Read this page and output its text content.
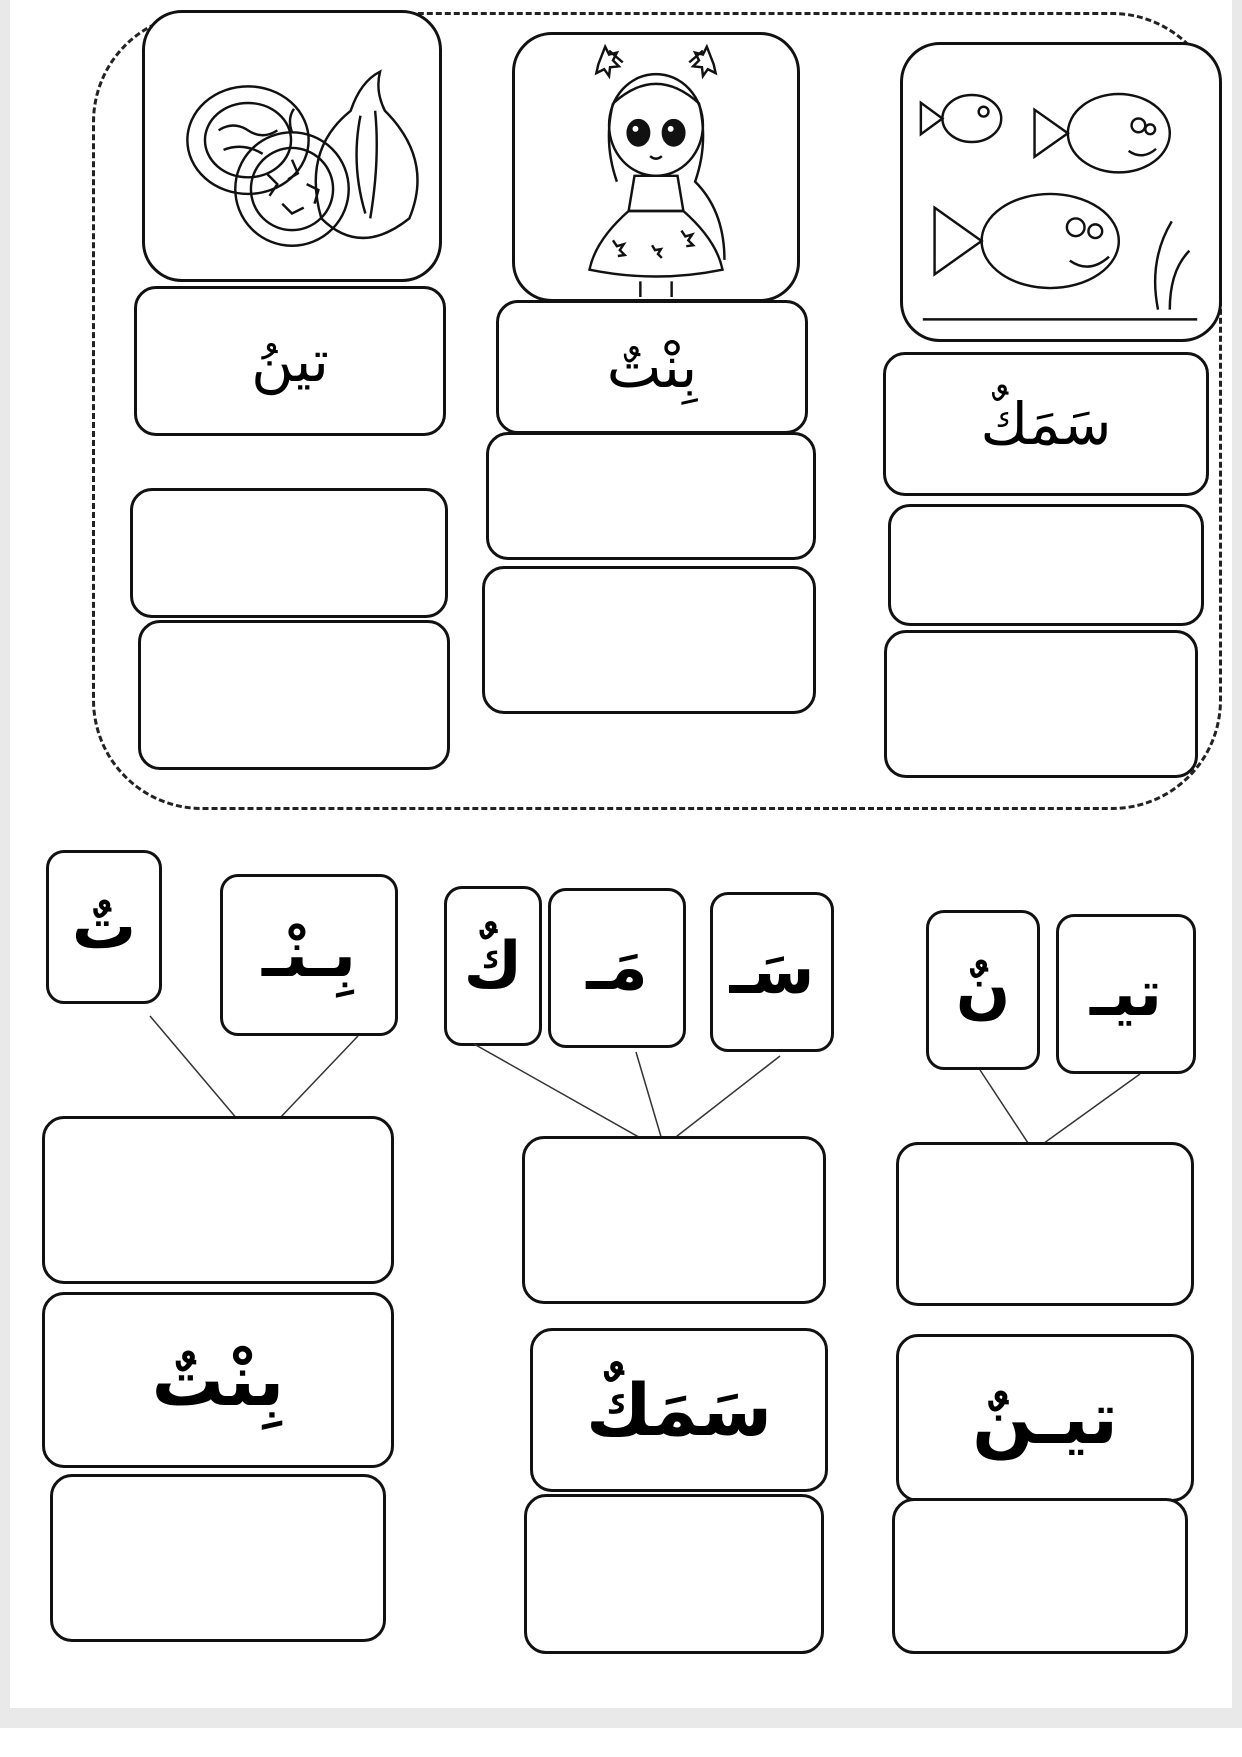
تينُ	بِنْتٌ
سَمَكٌ
تٌ بِـنْـ كٌ مَـ سَـ نٌ تيـ
بِنْتٌ	سَمَكٌ	تيـنٌ
